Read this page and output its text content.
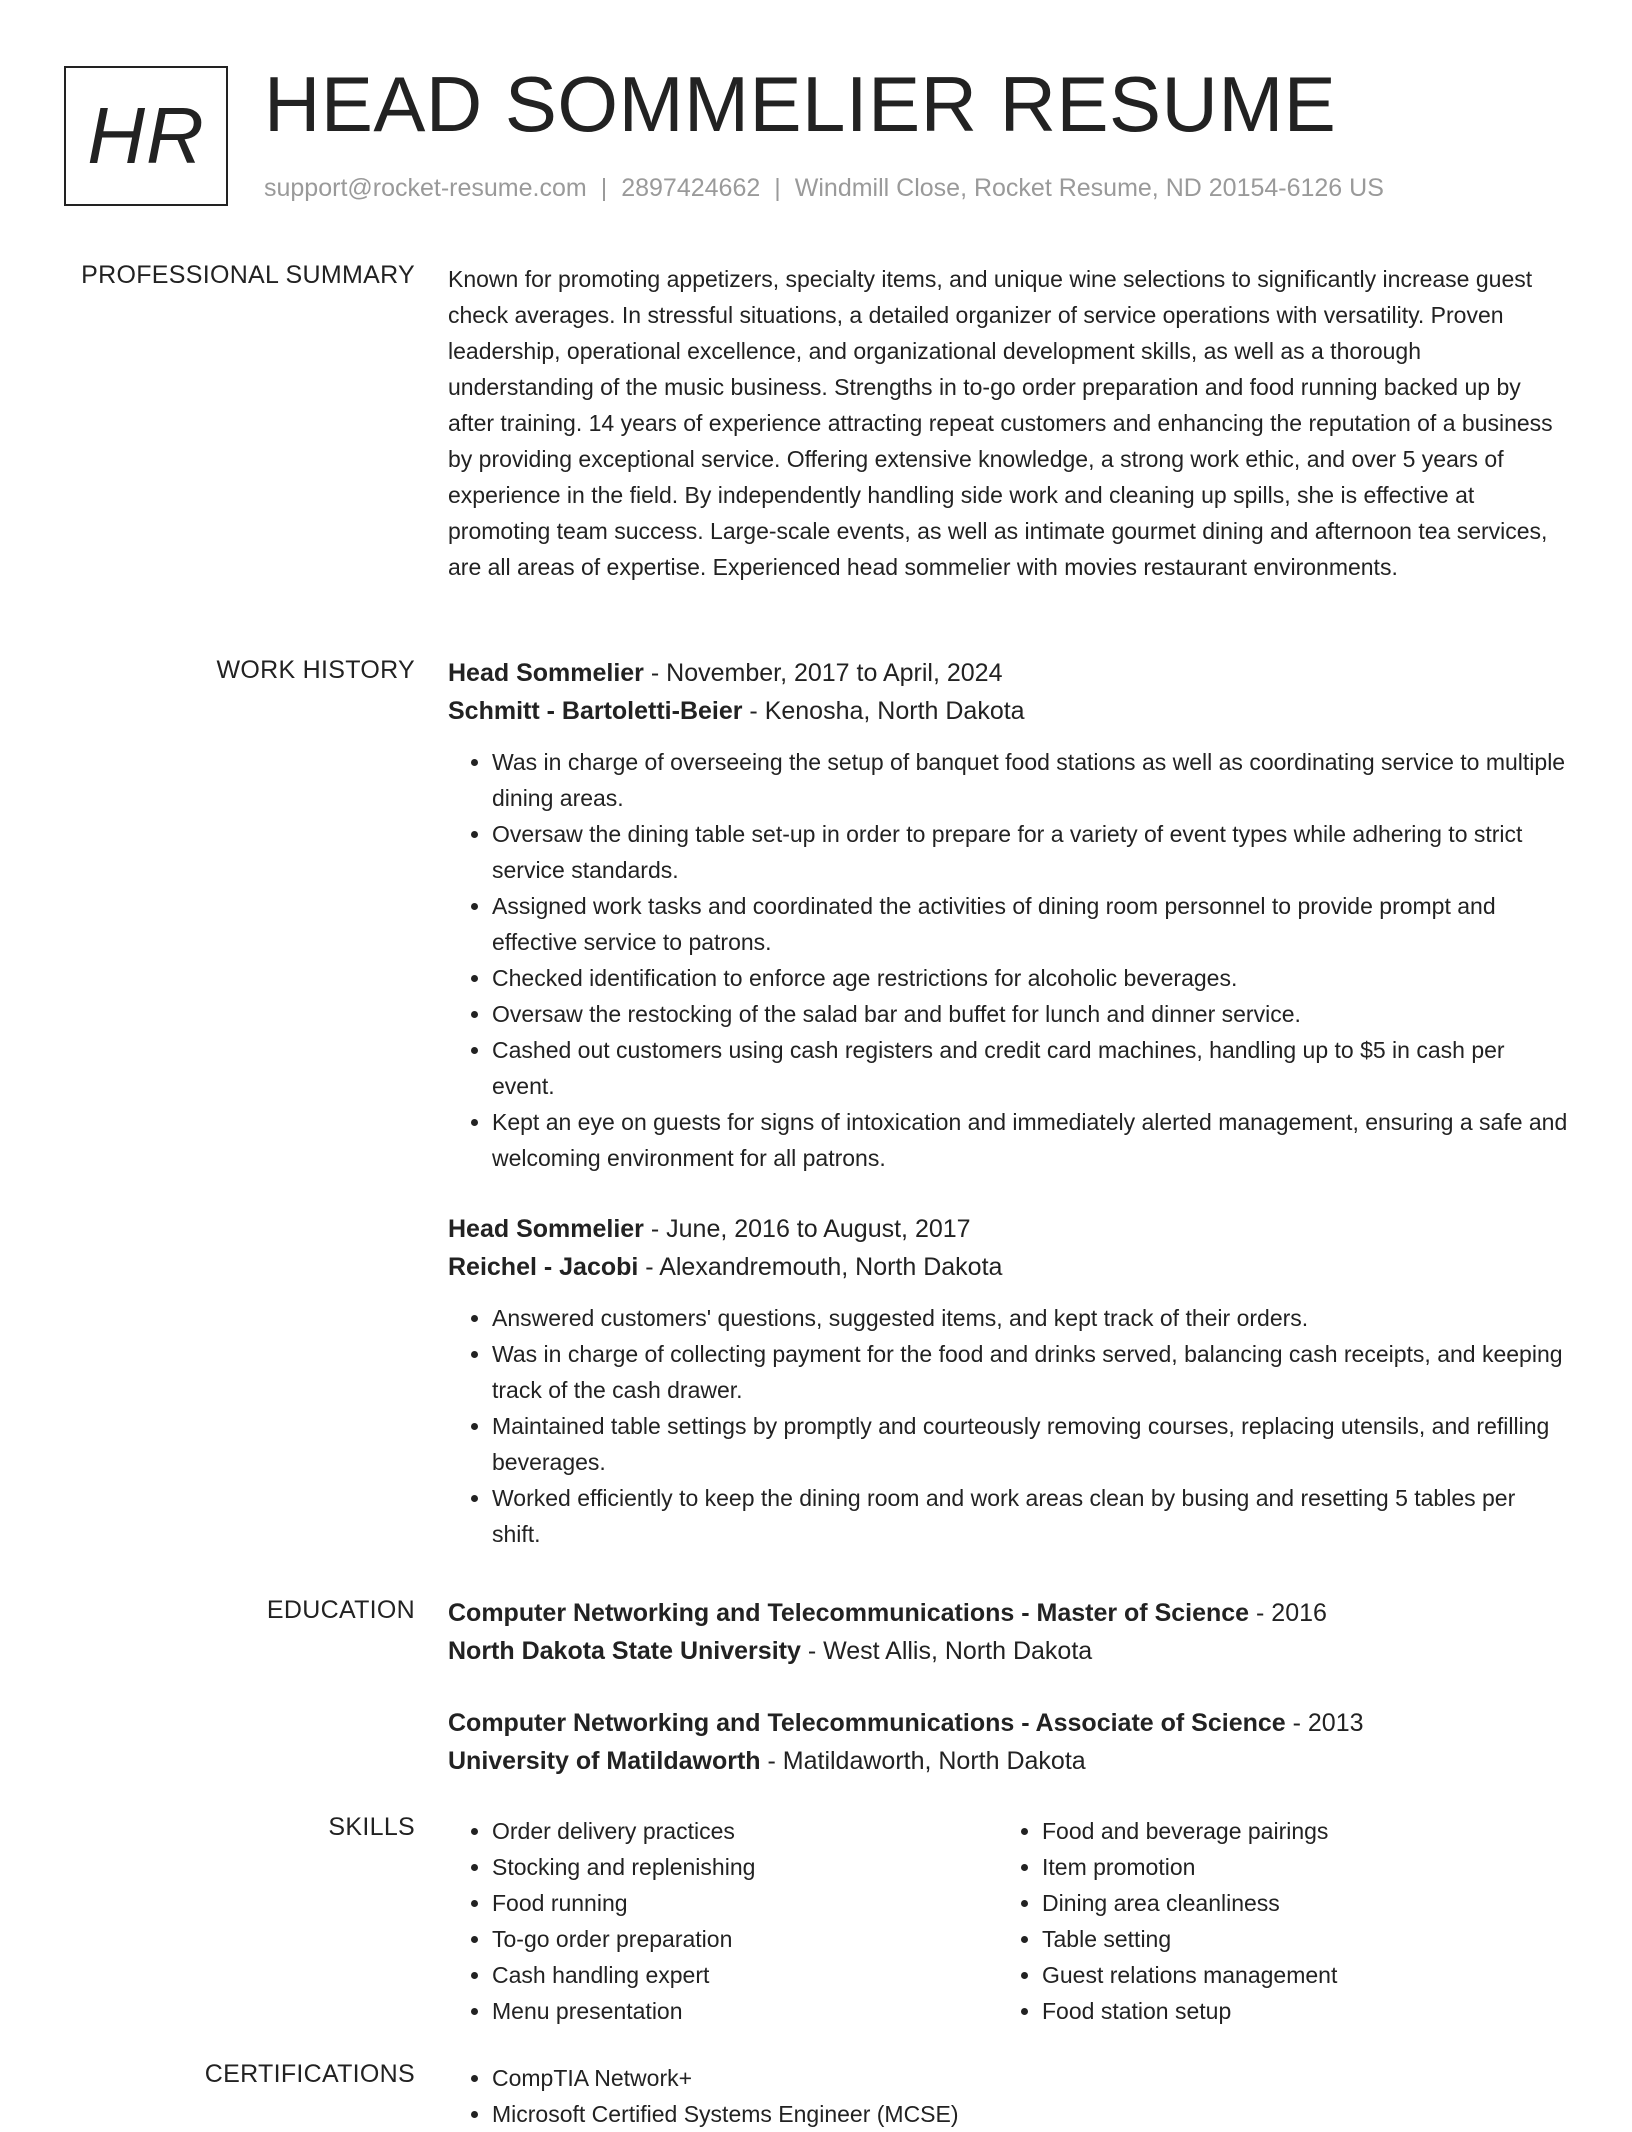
HR HEAD SOMMELIER RESUME
support@rocket-resume.com | 2897424662 | Windmill Close, Rocket Resume, ND 20154-6126 US
PROFESSIONAL SUMMARY Known for promoting appetizers, specialty items, and unique wine selections to significantly increase guest check averages. In stressful situations, a detailed organizer of service operations with versatility. Proven leadership, operational excellence, and organizational development skills, as well as a thorough understanding of the music business. Strengths in to-go order preparation and food running backed up by after training. 14 years of experience attracting repeat customers and enhancing the reputation of a business by providing exceptional service. Offering extensive knowledge, a strong work ethic, and over 5 years of experience in the field. By independently handling side work and cleaning up spills, she is effective at promoting team success. Large-scale events, as well as intimate gourmet dining and afternoon tea services, are all areas of expertise. Experienced head sommelier with movies restaurant environments.

WORK HISTORY Head Sommelier - November, 2017 to April, 2024
Schmitt - Bartoletti-Beier - Kenosha, North Dakota
• Was in charge of overseeing the setup of banquet food stations as well as coordinating service to multiple dining areas.
• Oversaw the dining table set-up in order to prepare for a variety of event types while adhering to strict service standards.
• Assigned work tasks and coordinated the activities of dining room personnel to provide prompt and effective service to patrons.
• Checked identification to enforce age restrictions for alcoholic beverages.
• Oversaw the restocking of the salad bar and buffet for lunch and dinner service.
• Cashed out customers using cash registers and credit card machines, handling up to $5 in cash per event.
• Kept an eye on guests for signs of intoxication and immediately alerted management, ensuring a safe and welcoming environment for all patrons.
Head Sommelier - June, 2016 to August, 2017
Reichel - Jacobi - Alexandremouth, North Dakota
• Answered customers' questions, suggested items, and kept track of their orders.
• Was in charge of collecting payment for the food and drinks served, balancing cash receipts, and keeping track of the cash drawer.
• Maintained table settings by promptly and courteously removing courses, replacing utensils, and refilling beverages.
• Worked efficiently to keep the dining room and work areas clean by busing and resetting 5 tables per shift.
EDUCATION Computer Networking and Telecommunications - Master of Science - 2016
North Dakota State University - West Allis, North Dakota
Computer Networking and Telecommunications - Associate of Science - 2013
University of Matildaworth - Matildaworth, North Dakota
SKILLS	• Order delivery practices
• Stocking and replenishing
• Food running
• To-go order preparation
• Cash handling expert
• Menu presentation
• Food and beverage pairings
• Item promotion
• Dining area cleanliness
• Table setting
• Guest relations management
• Food station setup
CERTIFICATIONS	• CompTIA Network+
• Microsoft Certified Systems Engineer (MCSE)
